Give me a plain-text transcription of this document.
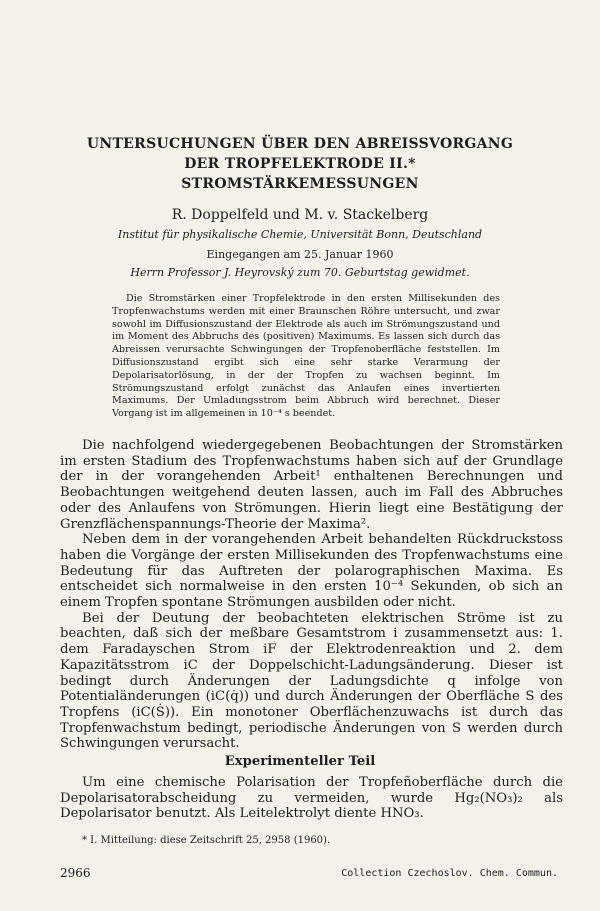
UNTERSUCHUNGEN ÜBER DEN ABREISSVORGANG
DER TROPFELEKTRODE II.*
STROMSTÄRKEMESSUNGEN
R. Doppelfeld und M. v. Stackelberg
Institut für physikalische Chemie, Universität Bonn, Deutschland
Eingegangen am 25. Januar 1960
Herrn Professor J. Heyrovský zum 70. Geburtstag gewidmet.

Die Stromstärken einer Tropfelektrode in den ersten Millisekunden des Tropfenwachstums werden mit einer Braunschen Röhre untersucht, und zwar sowohl im Diffusionszustand der Elektrode als auch im Strömungszustand und im Moment des Abbruchs des (positiven) Maximums. Es lassen sich durch das Abreissen verursachte Schwingungen der Tropfenoberfläche feststellen. Im Diffusionszustand ergibt sich eine sehr starke Verarmung der Depolarisatorlösung, in der der Tropfen zu wachsen beginnt. Im Strömungszustand erfolgt zunächst das Anlaufen eines invertierten Maximums. Der Umladungsstrom beim Abbruch wird berechnet. Dieser Vorgang ist im allgemeinen in 10⁻⁴ s beendet.

Die nachfolgend wiedergegebenen Beobachtungen der Stromstärken im ersten Stadium des Tropfenwachstums haben sich auf der Grundlage der in der vorangehenden Arbeit¹ enthaltenen Berechnungen und Beobachtungen weitgehend deuten lassen, auch im Fall des Abbruches oder des Anlaufens von Strömungen. Hierin liegt eine Bestätigung der Grenzflächenspannungs-Theorie der Maxima².

Neben dem in der vorangehenden Arbeit behandelten Rückdruckstoss haben die Vorgänge der ersten Millisekunden des Tropfenwachstums eine Bedeutung für das Auftreten der polarographischen Maxima. Es entscheidet sich normalweise in den ersten 10⁻⁴ Sekunden, ob sich an einem Tropfen spontane Strömungen ausbilden oder nicht.

Bei der Deutung der beobachteten elektrischen Ströme ist zu beachten, daß sich der meßbare Gesamtstrom i zusammensetzt aus: 1. dem Faradayschen Strom iF der Elektrodenreaktion und 2. dem Kapazitätsstrom iC der Doppelschicht-Ladungsänderung. Dieser ist bedingt durch Änderungen der Ladungsdichte q infolge von Potentialänderungen (iC(q̇)) und durch Änderungen der Oberfläche S des Tropfens (iC(Ṡ)). Ein monotoner Oberflächenzuwachs ist durch das Tropfenwachstum bedingt, periodische Änderungen von S werden durch Schwingungen verursacht.

Experimenteller Teil

Um eine chemische Polarisation der Tropfeñoberfläche durch die Depolarisatorabscheidung zu vermeiden, wurde Hg₂(NO₃)₂ als Depolarisator benutzt. Als Leitelektrolyt diente HNO₃.

* I. Mitteilung: diese Zeitschrift 25, 2958 (1960).
2966	Collection Czechoslov. Chem. Commun.
